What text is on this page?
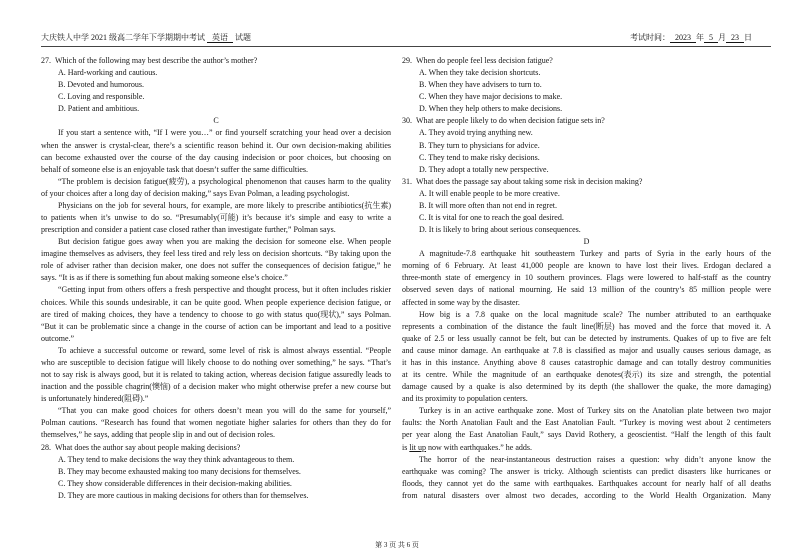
大庆铁人中学 2021 级高二学年下学期期中考试 英语 试题	考试时间： 2023 年 5 月 23 日
27. Which of the following may best describe the author’s mother?
A. Hard-working and cautious.
B. Devoted and humorous.
C. Loving and responsible.
D. Patient and ambitious.
C
If you start a sentence with, “If I were you…” or find yourself scratching your head over a decision
when the answer is crystal-clear, there’s a scientific reason behind it. Our own decision-making abilities
can become exhausted over the course of the day causing indecision or poor choices, but choosing on
behalf of someone else is an enjoyable task that doesn’t suffer the same difficulties.
“The problem is decision fatigue(疲劳), a psychological phenomenon that causes harm to the quality
of your choices after a long day of decision making,” says Evan Polman, a leading psychologist.
Physicians on the job for several hours, for example, are more likely to prescribe antibiotics(抗生素)
to patients when it’s unwise to do so. “Presumably(可能) it’s because it’s simple and easy to write a
prescription and consider a patient case closed rather than investigate further,” Polman says.
But decision fatigue goes away when you are making the decision for someone else. When people
imagine themselves as advisers, they feel less tired and rely less on decision shortcuts. “By taking upon the
role of adviser rather than decision maker, one does not suffer the consequences of decision fatigue,” he
says. “It is as if there is something fun about making someone else’s choice.”
“Getting input from others offers a fresh perspective and thought process, but it often includes riskier
choices. While this sounds undesirable, it can be quite good. When people experience decision fatigue, or
are tired of making choices, they have a tendency to choose to go with status quo(现状),” says Polman.
“But it can be problematic since a change in the course of action can be important and lead to a positive
outcome.”
To achieve a successful outcome or reward, some level of risk is almost always essential. “People
who are susceptible to decision fatigue will likely choose to do nothing over something,” he says. “That’s
not to say risk is always good, but it is related to taking action, whereas decision fatigue assuredly leads to
inaction and the possible chagrin(懊恼) of a decision maker who might otherwise prefer a new course but
is unfortunately hindered(阻碍).”
“That you can make good choices for others doesn’t mean you will do the same for yourself,”
Polman cautions. “Research has found that women negotiate higher salaries for others than they do for
themselves,” he says, adding that people slip in and out of decision roles.
28. What does the author say about people making decisions?
A. They tend to make decisions the way they think advantageous to them.
B. They may become exhausted making too many decisions for themselves.
C. They show considerable differences in their decision-making abilities.
D. They are more cautious in making decisions for others than for themselves.
29. When do people feel less decision fatigue?
A. When they take decision shortcuts.
B. When they have advisers to turn to.
C. When they have major decisions to make.
D. When they help others to make decisions.
30. What are people likely to do when decision fatigue sets in?
A. They avoid trying anything new.
B. They turn to physicians for advice.
C. They tend to make risky decisions.
D. They adopt a totally new perspective.
31. What does the passage say about taking some risk in decision making?
A. It will enable people to be more creative.
B. It will more often than not end in regret.
C. It is vital for one to reach the goal desired.
D. It is likely to bring about serious consequences.
D
A magnitude-7.8 earthquake hit southeastern Turkey and parts of Syria in the early hours of the
morning of 6 February. At least 41,000 people are known to have lost their lives. Erdogan declared a
three-month state of emergency in 10 southern provinces. Flags were lowered to half-staff as the country
observed seven days of national mourning. He said 13 million of the country’s 85 million people were
affected in some way by the disaster.
How big is a 7.8 quake on the local magnitude scale? The number attributed to an earthquake
represents a combination of the distance the fault line(断层) has moved and the force that moved it. A
quake of 2.5 or less usually cannot be felt, but can be detected by instruments. Quakes of up to five are felt
and cause minor damage. An earthquake at 7.8 is classified as major and usually causes serious damage, as
it has in this instance. Anything above 8 causes catastrophic damage and can totally destroy communities
at its centre. While the magnitude of an earthquake denotes(表示) its size and strength, the potential
damage caused by a quake is also determined by its depth (the shallower the quake, the more damaging)
and its proximity to population centers.
Turkey is in an active earthquake zone. Most of Turkey sits on the Anatolian plate between two major
faults: the North Anatolian Fault and the East Anatolian Fault. “Turkey is moving west about 2 centimeters
per year along the East Anatolian Fault,” says David Rothery, a geoscientist. “Half the length of this fault
is lit up now with earthquakes.” he adds.
The horror of the near-instantaneous destruction raises a question: why didn’t anyone know the
earthquake was coming? The answer is tricky. Although scientists can predict disasters like hurricanes or
floods, they cannot yet do the same with earthquakes. Earthquakes account for nearly half of all deaths
from natural disasters over almost two decades, according to the World Health Organization. Many
第 3 页 共 6 页
